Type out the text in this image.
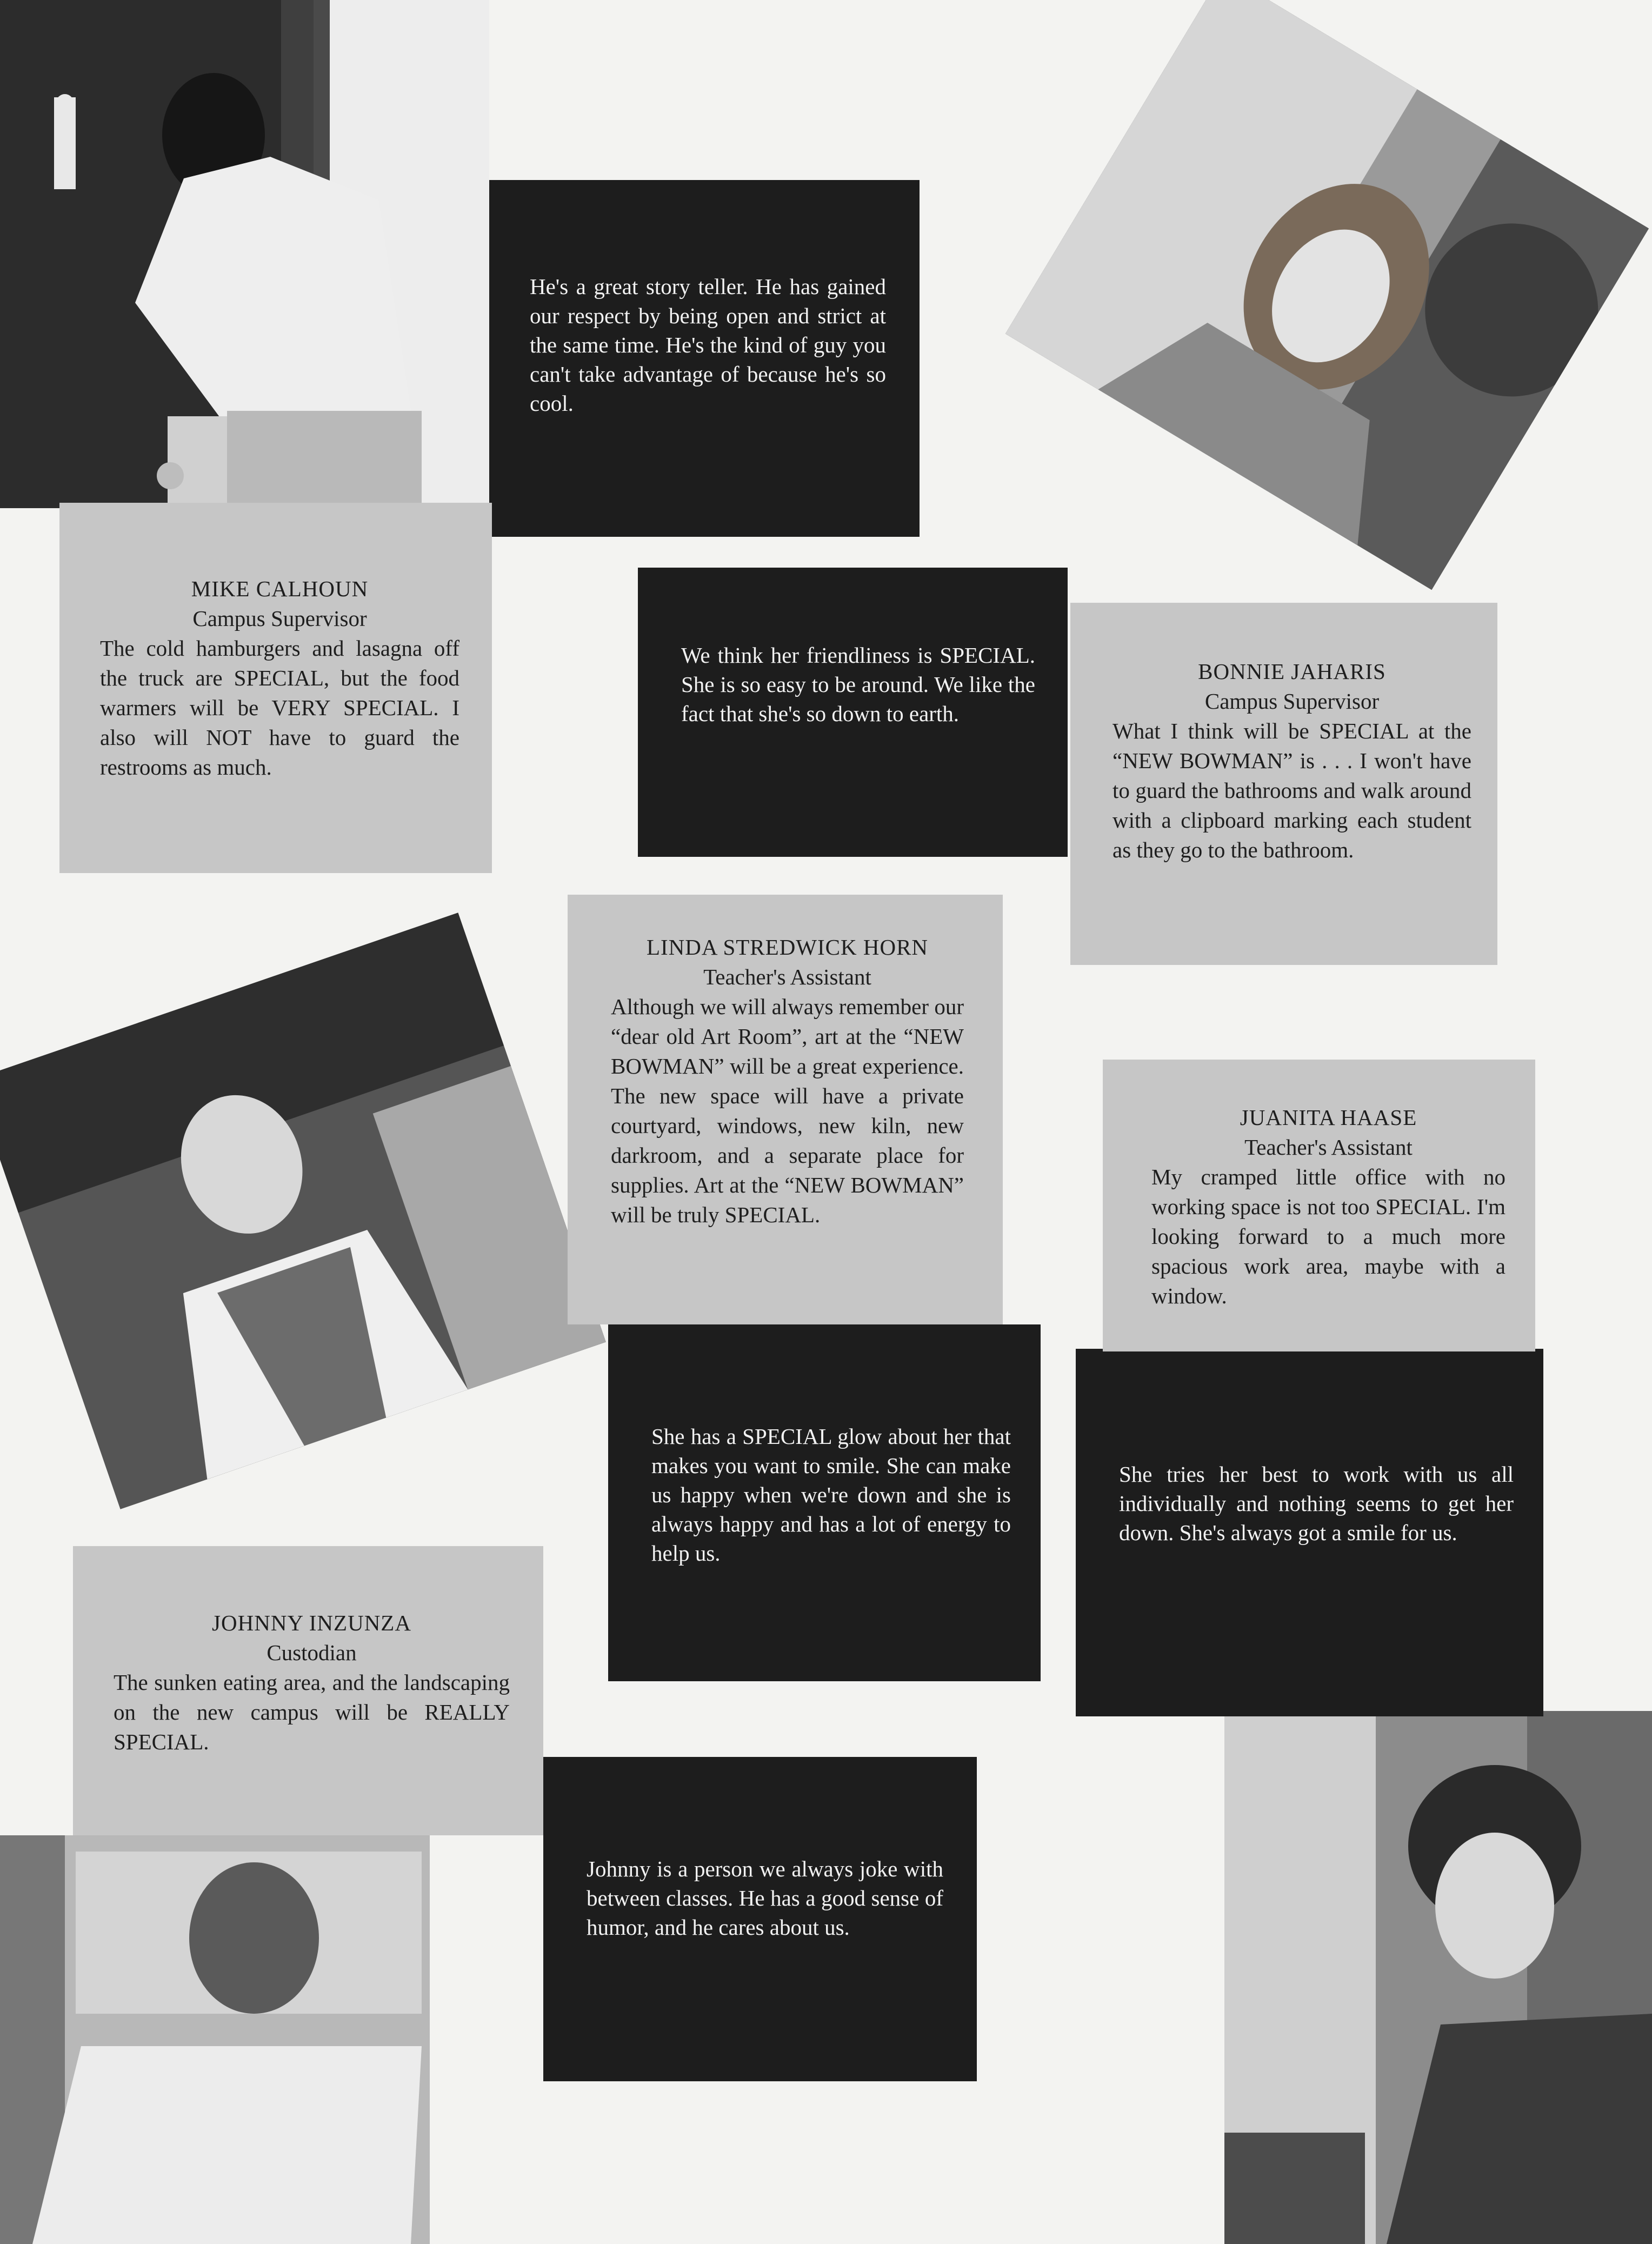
He's a great story teller. He has gained our respect by being open and strict at the same time. He's the kind of guy you can't take advantage of because he's so cool.
We think her friendliness is SPECIAL. She is so easy to be around. We like the fact that she's so down to earth.
She has a SPECIAL glow about her that makes you want to smile. She can make us happy when we're down and she is always happy and has a lot of energy to help us.
She tries her best to work with us all individually and nothing seems to get her down. She's always got a smile for us.
Johnny is a person we always joke with between classes. He has a good sense of humor, and he cares about us.
MIKE CALHOUN
Campus Supervisor
The cold hamburgers and lasagna off the truck are SPECIAL, but the food warmers will be VERY SPECIAL. I also will NOT have to guard the restrooms as much.
BONNIE JAHARIS
Campus Supervisor
What I think will be SPECIAL at the “NEW BOWMAN” is . . . I won't have to guard the bathrooms and walk around with a clipboard marking each student as they go to the bathroom.
LINDA STREDWICK HORN
Teacher's Assistant
Although we will always remember our “dear old Art Room”, art at the “NEW BOWMAN” will be a great experience. The new space will have a private courtyard, windows, new kiln, new darkroom, and a separate place for supplies. Art at the “NEW BOWMAN” will be truly SPECIAL.
JUANITA HAASE
Teacher's Assistant
My cramped little office with no working space is not too SPECIAL. I'm looking forward to a much more spacious work area, maybe with a window.
JOHNNY INZUNZA
Custodian
The sunken eating area, and the landscaping on the new campus will be REALLY SPECIAL.
